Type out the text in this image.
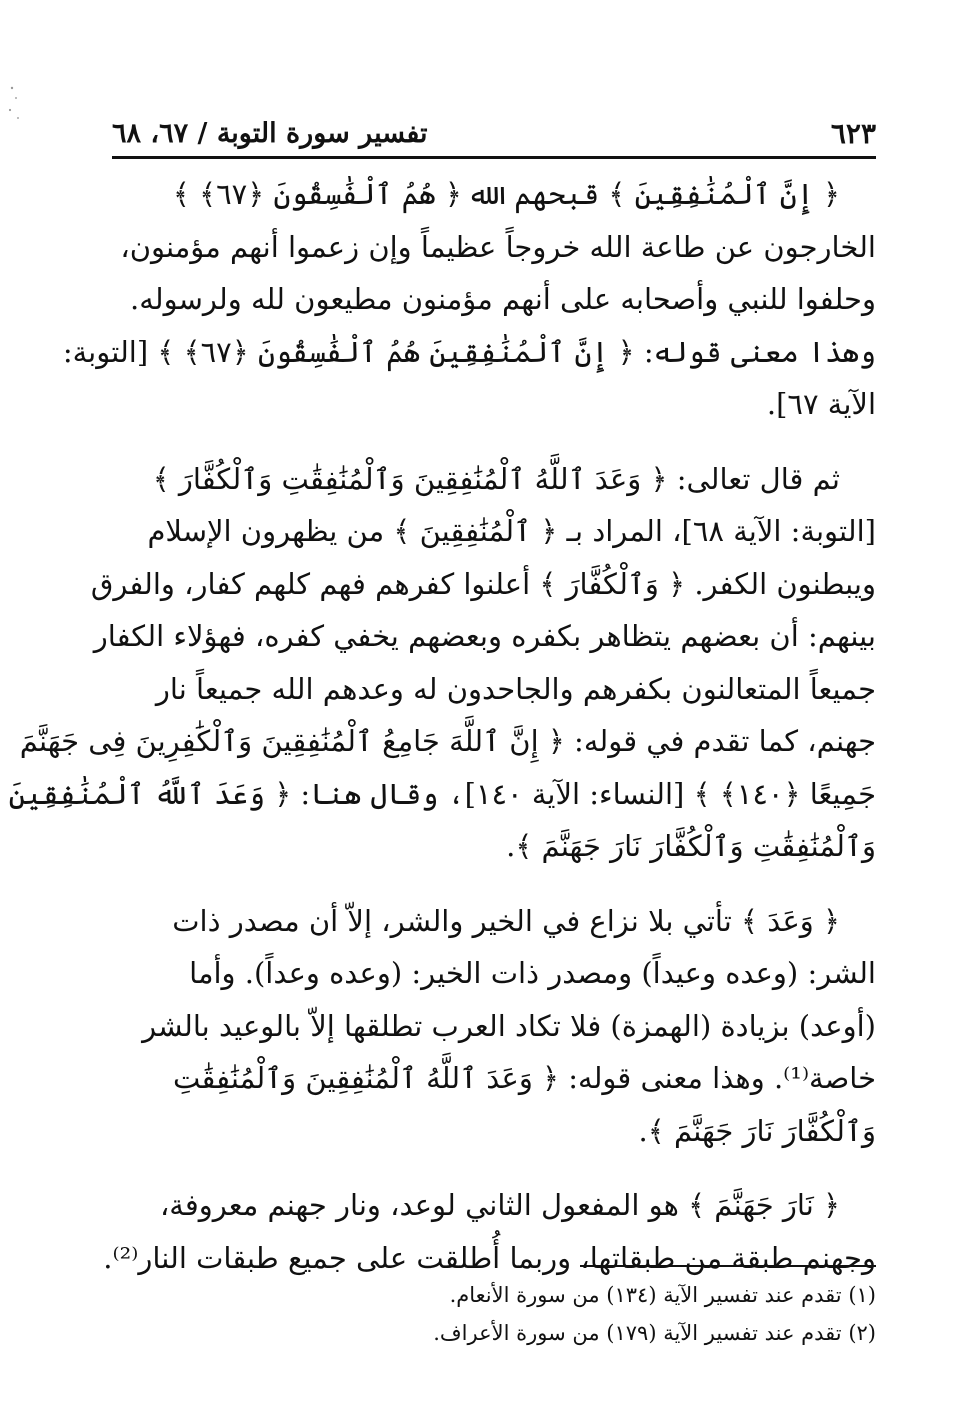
تفسير سورة التوبة / ٦٧، ٦٨	٦٢٣

﴿ إِنَّ ٱلْمُنَٰفِقِينَ ﴾ قبحهم الله ﴿ هُمُ ٱلْفَٰسِقُونَ ﴿٦٧﴾ ﴾
الخارجون عن طاعة الله خروجاً عظيماً وإن زعموا أنهم مؤمنون،
وحلفوا للنبي وأصحابه على أنهم مؤمنون مطيعون لله ولرسوله.
وهذا معنى قوله: ﴿ إِنَّ ٱلْمُنَٰفِقِينَ هُمُ ٱلْفَٰسِقُونَ ﴿٦٧﴾ ﴾ [التوبة:
الآية ٦٧].

ثم قال تعالى: ﴿ وَعَدَ ٱللَّهُ ٱلْمُنَٰفِقِينَ وَٱلْمُنَٰفِقَٰتِ وَٱلْكُفَّارَ ﴾
[التوبة: الآية ٦٨]، المراد بـ ﴿ ٱلْمُنَٰفِقِينَ ﴾ من يظهرون الإسلام
ويبطنون الكفر. ﴿ وَٱلْكُفَّارَ ﴾ أعلنوا كفرهم فهم كلهم كفار، والفرق
بينهم: أن بعضهم يتظاهر بكفره وبعضهم يخفي كفره، فهؤلاء الكفار
جميعاً المتعالنون بكفرهم والجاحدون له وعدهم الله جميعاً نار
جهنم، كما تقدم في قوله: ﴿ إِنَّ ٱللَّهَ جَامِعُ ٱلْمُنَٰفِقِينَ وَٱلْكَٰفِرِينَ فِى جَهَنَّمَ
جَمِيعًا ﴿١٤٠﴾ ﴾ [النساء: الآية ١٤٠]، وقال هنا: ﴿ وَعَدَ ٱللَّهُ ٱلْمُنَٰفِقِينَ
وَٱلْمُنَٰفِقَٰتِ وَٱلْكُفَّارَ نَارَ جَهَنَّمَ ﴾.

﴿ وَعَدَ ﴾ تأتي بلا نزاع في الخير والشر، إلاّ أن مصدر ذات
الشر: (وعده وعيداً) ومصدر ذات الخير: (وعده وعداً). وأما
(أوعد) بزيادة (الهمزة) فلا تكاد العرب تطلقها إلاّ بالوعيد بالشر
خاصة⁽¹⁾. وهذا معنى قوله: ﴿ وَعَدَ ٱللَّهُ ٱلْمُنَٰفِقِينَ وَٱلْمُنَٰفِقَٰتِ
وَٱلْكُفَّارَ نَارَ جَهَنَّمَ ﴾.

﴿ نَارَ جَهَنَّمَ ﴾ هو المفعول الثاني لوعد، ونار جهنم معروفة،
وجهنم طبقة من طبقاتها، وربما أُطلقت على جميع طبقات النار⁽²⁾.

(١) تقدم عند تفسير الآية (١٣٤) من سورة الأنعام.
(٢) تقدم عند تفسير الآية (١٧٩) من سورة الأعراف.
